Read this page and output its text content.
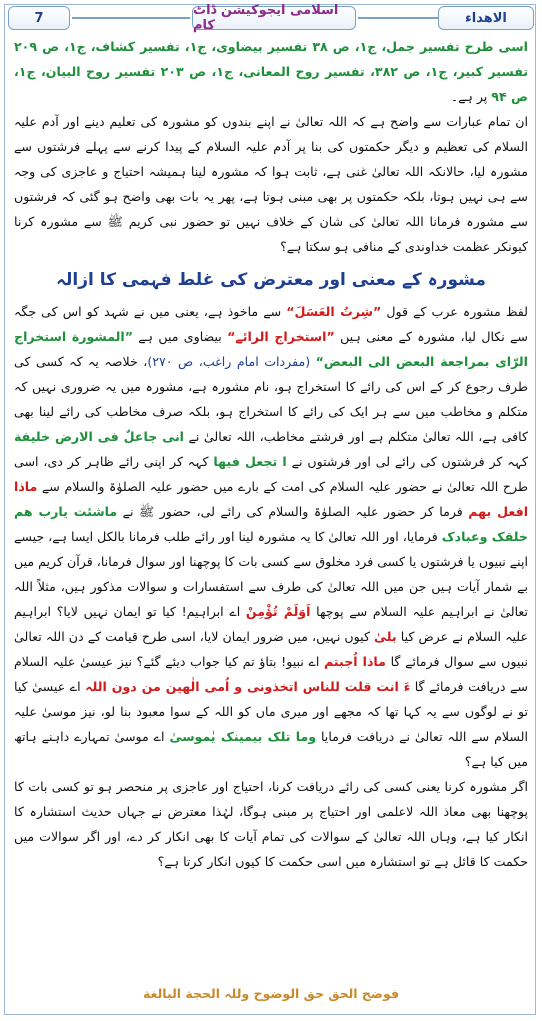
7	اسلامی ایجوکیشن ڈاٹ کام	الاھداء

اسی طرح تفسیر جمل، ج۱، ص ۳۸ تفسیر بیضاوی، ج۱، تفسیر کشاف، ج۱، ص ۲۰۹ تفسیر کبیر، ج۱، ص ۳۸۲، تفسیر روح المعانی، ج۱، ص ۲۰۳ تفسیر روح البیان، ج۱، ص ۹۴ پر ہے۔

ان تمام عبارات سے واضح ہے کہ اللہ تعالیٰ نے اپنے بندوں کو مشورہ کی تعلیم دینے اور آدم علیہ السلام کی تعظیم و دیگر حکمتوں کی بنا پر آدم علیہ السلام کے پیدا کرنے سے پہلے فرشتوں سے مشورہ لیا، حالانکہ اللہ تعالیٰ غنی ہے، ثابت ہوا کہ مشورہ لینا ہمیشہ احتیاج و عاجزی کی وجہ سے ہی نہیں ہوتا، بلکہ حکمتوں پر بھی مبنی ہوتا ہے، پھر یہ بات بھی واضح ہو گئی کہ فرشتوں سے مشورہ فرمانا اللہ تعالیٰ کی شان کے خلاف نہیں تو حضور نبی کریم ﷺ سے مشورہ کرنا کیونکر عظمت خداوندی کے منافی ہو سکتا ہے؟

مشورہ کے معنی اور معترض کی غلط فہمی کا ازالہ

لفظ مشورہ عرب کے قول ”شِرتُ العَسَلَ“ سے ماخوذ ہے، یعنی میں نے شہد کو اس کی جگہ سے نکال لیا، مشورہ کے معنی ہیں ”استخراج الرائے“ بیضاوی میں ہے ”المشورة استخراج الرّاى بمراجعة البعض الى البعض“ (مفردات امام راغب، ص ۲۷۰)، خلاصہ یہ کہ کسی کی طرف رجوع کر کے اس کی رائے کا استخراج ہو، نام مشورہ ہے، مشورہ میں یہ ضروری نہیں کہ متکلم و مخاطب میں سے ہر ایک کی رائے کا استخراج ہو، بلکہ صرف مخاطب کی رائے لینا بھی کافی ہے، اللہ تعالیٰ متکلم ہے اور فرشتے مخاطب، اللہ تعالیٰ نے انی جاعلٌ فی الارض خلیفة کہہ کر فرشتوں کی رائے لی اور فرشتوں نے ا تجعل فیها کہہ کر اپنی رائے ظاہر کر دی، اسی طرح اللہ تعالیٰ نے حضور علیہ السلام کی امت کے بارے میں حضور علیہ الصلوٰۃ والسلام سے ماذا افعل بهم فرما کر حضور علیہ الصلوٰۃ والسلام کی رائے لی، حضور ﷺ نے ماشئت یارب هم خلقک وعبادک فرمایا، اور اللہ تعالیٰ کا یہ مشورہ لینا اور رائے طلب فرمانا بالکل ایسا ہے، جیسے اپنے نبیوں یا فرشتوں یا کسی فرد مخلوق سے کسی بات کا پوچھنا اور سوال فرمانا، قرآن کریم میں بے شمار آیات ہیں جن میں اللہ تعالیٰ کی طرف سے استفسارات و سوالات مذکور ہیں، مثلاً اللہ تعالیٰ نے ابراہیم علیہ السلام سے پوچھا اَوَلَمْ تُؤْمِنْ اے ابراہیم! کیا تو ایمان نہیں لایا؟ ابراہیم علیہ السلام نے عرض کیا بلیٰ کیوں نہیں، میں ضرور ایمان لایا، اسی طرح قیامت کے دن اللہ تعالیٰ نبیوں سے سوال فرمائے گا ماذا اُجبتم اے نبیو! بتاؤ تم کیا جواب دیئے گئے؟ نیز عیسیٰ علیہ السلام سے دریافت فرمائے گا ءَ انت قلت للناس اتخذونی و اُمی الٰھین من دون اللہ اے عیسیٰ کیا تو نے لوگوں سے یہ کہا تھا کہ مجھے اور میری ماں کو اللہ کے سوا معبود بنا لو، نیز موسیٰ علیہ السلام سے اللہ تعالیٰ نے دریافت فرمایا وما تلک بیمینک یٰموسیٰ اے موسیٰ تمہارے داہنے ہاتھ میں کیا ہے؟

اگر مشورہ کرنا یعنی کسی کی رائے دریافت کرنا، احتیاج اور عاجزی پر منحصر ہو تو کسی بات کا پوچھنا بھی معاذ اللہ لاعلمی اور احتیاج پر مبنی ہوگا، لہٰذا معترض نے جہاں حدیث استشارہ کا انکار کیا ہے، وہاں اللہ تعالیٰ کے سوالات کی تمام آیات کا بھی انکار کر دے، اور اگر سوالات میں حکمت کا قائل ہے تو استشارہ میں اسی حکمت کا کیوں انکار کرتا ہے؟

فوضح الحق حق الوضوح وللہ الحجة البالغة
